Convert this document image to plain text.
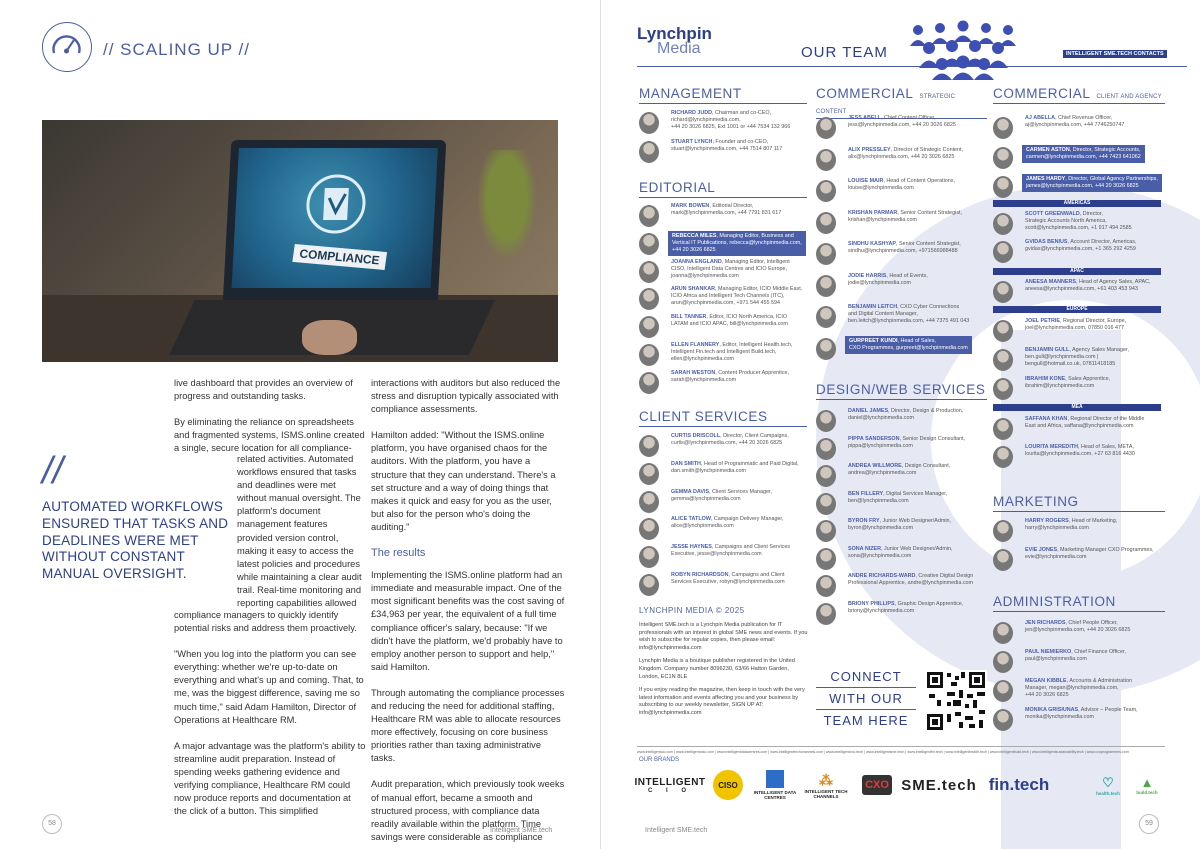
// SCALING UP //
COMPLIANCE

live dashboard that provides an overview of progress and outstanding tasks.

By eliminating the reliance on spreadsheets and fragmented systems, ISMS.online created a single, secure location for all compliance-

related activities. Automated workflows ensured that tasks and deadlines were met without manual oversight. The platform's document management features provided version control, making it easy to access the latest policies and procedures while maintaining a clear audit trail. Real-time monitoring and reporting capabilities allowed

compliance managers to quickly identify potential risks and address them proactively.

"When you log into the platform you can see everything: whether we're up-to-date on everything and what's up and coming. That, to me, was the biggest difference, saving me so much time," said Adam Hamilton, Director of Operations at Healthcare RM.

A major advantage was the platform's ability to streamline audit preparation. Instead of spending weeks gathering evidence and verifying compliance, Healthcare RM could now produce reports and documentation at the click of a button. This simplified

//
AUTOMATED WORKFLOWS ENSURED THAT TASKS AND DEADLINES WERE MET WITHOUT CONSTANT MANUAL OVERSIGHT.

interactions with auditors but also reduced the stress and disruption typically associated with compliance assessments.

Hamilton added: "Without the ISMS.online platform, you have organised chaos for the auditors. With the platform, you have a structure that they can understand. There's a set structure and a way of doing things that makes it quick and easy for you as the user, but also for the person who's doing the auditing."

The results

Implementing the ISMS.online platform had an immediate and measurable impact. One of the most significant benefits was the cost saving of £34,963 per year, the equivalent of a full time compliance officer's salary, because: "If we didn't have the platform, we'd probably have to employ another person to support and help," said Hamilton.

Through automating the compliance processes and reducing the need for additional staffing, Healthcare RM was able to allocate resources more effectively, focusing on core business priorities rather than taxing administrative tasks.

Audit preparation, which previously took weeks of manual effort, became a smooth and structured process, with compliance data readily available within the platform. Time savings were considerable as compliance

58
Intelligent SME.tech
Lynchpin
Media	OUR TEAM	INTELLIGENT SME.TECH CONTACTS
MANAGEMENT
RICHARD JUDD, Chairman and co-CEO,
richard@lynchpinmedia.com,
+44 20 3026 6825, Ext 1001 or +44 7534 132 966
STUART LYNCH, Founder and co-CEO,
stuart@lynchpinmedia.com, +44 7514 807 117
EDITORIAL
MARK BOWEN, Editorial Director,
mark@lynchpinmedia.com, +44 7791 831 617
REBECCA MILES, Managing Editor, Business and
Vertical IT Publications, rebecca@lynchpinmedia.com,
+44 20 3026 6825
JOANNA ENGLAND, Managing Editor, Intelligent
CISO, Intelligent Data Centres and ICIO Europe,
joanna@lynchpinmedia.com
ARUN SHANKAR, Managing Editor, ICIO Middle East,
ICIO Africa and Intelligent Tech Channels (ITC),
arun@lynchpinmedia.com, +971 544 455 594
BILL TANNER, Editor, ICIO North America, ICIO
LATAM and ICIO APAC, bill@lynchpinmedia.com
ELLEN FLANNERY, Editor, Intelligent Health.tech,
Intelligent Fin.tech and Intelligent Build.tech,
ellen@lynchpinmedia.com
SARAH WESTON, Content Producer Apprentice,
sarah@lynchpinmedia.com
CLIENT SERVICES
CURTIS DRISCOLL, Director, Client Campaigns,
curtis@lynchpinmedia.com, +44 20 3026 6825
DAN SMITH, Head of Programmatic and Paid Digital,
dan.smith@lynchpinmedia.com
GEMMA DAVIS, Client Services Manager,
gemma@lynchpinmedia.com
ALICE TATLOW, Campaign Delivery Manager,
alice@lynchpinmedia.com
JESSE HAYNES, Campaigns and Client Services
Executive, jesse@lynchpinmedia.com
ROBYN RICHARDSON, Campaigns and Client
Services Executive, robyn@lynchpinmedia.com
LYNCHPIN MEDIA © 2025

Intelligent SME.tech is a Lynchpin Media publication for IT professionals with an interest in global SME news and events. If you wish to subscribe for regular copies, then please email: info@lynchpinmedia.com

Lynchpin Media is a boutique publisher registered in the United Kingdom. Company number 8096230, 63/66 Hatton Garden, London, EC1N 8LE

If you enjoy reading the magazine, then keep in touch with the very latest information and events affecting you and your business by subscribing to our weekly newsletter, SIGN UP AT: info@lynchpinmedia.com

COMMERCIAL STRATEGIC CONTENT
JESS ABELL, Chief Content Officer,
jess@lynchpinmedia.com, +44 20 3026 6825
ALIX PRESSLEY, Director of Strategic Content,
alix@lynchpinmedia.com, +44 20 3026 6825
LOUISE MAIR, Head of Content Operations,
louise@lynchpinmedia.com
KRISHAN PARMAR, Senior Content Strategist,
krishan@lynchpinmedia.com
SINDHU KASHYAP, Senior Content Strategist,
sindhu@lynchpinmedia.com, +971566988488
JODIE HARRIS, Head of Events,
jodie@lynchpinmedia.com
BENJAMIN LEITCH, CXO Cyber Connections
and Digital Content Manager,
ben.leitch@lynchpinmedia.com, +44 7375 491 043
GURPREET KUNDI, Head of Sales,
CXO Programmes, gurpreet@lynchpinmedia.com
DESIGN/WEB SERVICES
DANIEL JAMES, Director, Design & Production,
daniel@lynchpinmedia.com
PIPPA SANDERSON, Senior Design Consultant,
pippa@lynchpinmedia.com
ANDREA WILLMORE, Design Consultant,
andrea@lynchpinmedia.com
BEN FILLERY, Digital Services Manager,
ben@lynchpinmedia.com
BYRON FRY, Junior Web Designer/Admin,
byron@lynchpinmedia.com
SONA NIZER, Junior Web Designer/Admin,
sona@lynchpinmedia.com
ANDRE RICHARDS-WARD, Creative Digital Design
Professional Apprentice, andre@lynchpinmedia.com
BRIONY PHILLIPS, Graphic Design Apprentice,
briony@lynchpinmedia.com
CONNECT
WITH OUR
TEAM HERE
COMMERCIAL CLIENT AND AGENCY
AJ ABELLA, Chief Revenue Officer,
aj@lynchpinmedia.com, +44 7746250747
CARMEN ASTON, Director, Strategic Accounts,
carmen@lynchpinmedia.com, +44 7423 641062
JAMES HARDY, Director, Global Agency Partnerships,
james@lynchpinmedia.com, +44 20 3026 6825
AMERICAS
SCOTT GREENWALD, Director,
Strategic Accounts North America,
scott@lynchpinmedia.com, +1 917 494 2585
GVIDAS BENIUS, Account Director, Americas,
gvidas@lynchpinmedia.com, +1 365 292 4259
APAC
ANEESA MANNERS, Head of Agency Sales, APAC,
aneesa@lynchpinmedia.com, +61 403 453 943
EUROPE
JOEL PETRIE, Regional Director, Europe,
joel@lynchpinmedia.com, 07850 016 477
BENJAMIN GULL, Agency Sales Manager,
ben.gull@lynchpinmedia.com |
bengull@hotmail.co.uk, 07811418185
IBRAHIM KONE, Sales Apprentice,
ibrahim@lynchpinmedia.com
MEA
SAFFANA KHAN, Regional Director of the Middle
East and Africa, saffana@lynchpinmedia.com
LOURITA MEREDITH, Head of Sales, META,
lourita@lynchpinmedia.com, +27 63 816 4430
MARKETING
HARRY ROGERS, Head of Marketing,
harry@lynchpinmedia.com
EVIE JONES, Marketing Manager CXO Programmes,
evie@lynchpinmedia.com
ADMINISTRATION
JEN RICHARDS, Chief People Officer,
jen@lynchpinmedia.com, +44 20 3026 6825
PAUL NIEMIERKO, Chief Finance Officer,
paul@lynchpinmedia.com
MEGAN KIBBLE, Accounts & Administration
Manager, megan@lynchpinmedia.com,
+44 20 3026 6825
MONIKA GRISIUNAS, Advisor – People Team,
monika@lynchpinmedia.com
www.intelligentcio.com | www.intelligentciso.com | www.intelligentdatacentres.com | www.intelligenttechchannels.com | www.intelligentcxo.tech | www.intelligentsme.tech | www.intelligentfin.tech | www.intelligenthealth.tech | www.intelligentbuild.tech | www.intelligentsustainability.tech | www.cxoprogrammes.com
OUR BRANDS
INTELLIGENT
C I O
CISO
INTELLIGENT DATA CENTRES
⁂
INTELLIGENT TECH CHANNELS
CXO SME.tech fin.tech	♡
health.tech
▲
build.tech
Intelligent SME.tech
59
